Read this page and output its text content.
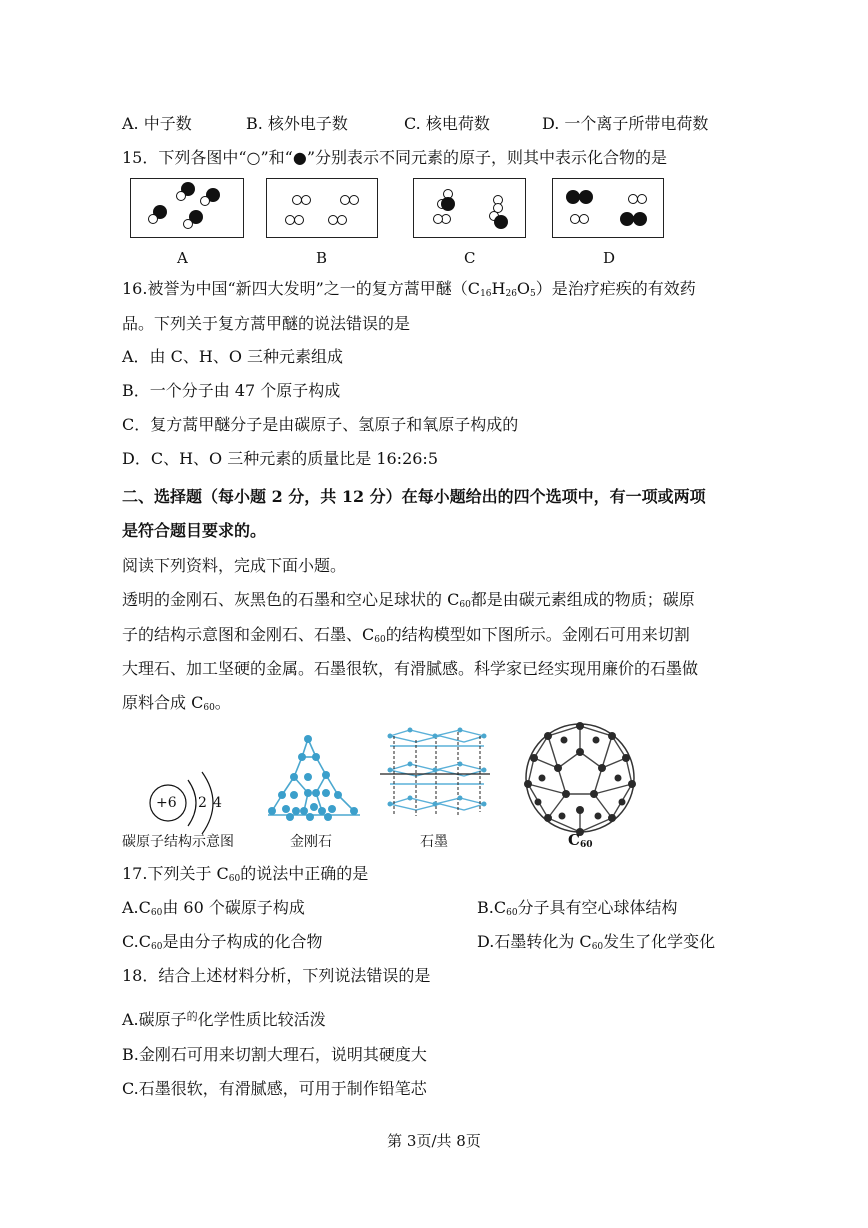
A. 中子数	B. 核外电子数	C. 核电荷数	D. 一个离子所带电荷数
15．下列各图中“○”和“●”分别表示不同元素的原子，则其中表示化合物的是
A	B	C	D
16.被誉为中国“新四大发明”之一的复方蒿甲醚$(C_{16}H_{26}O_5)$是治疗疟疾的有效药
品。下列关于复方蒿甲醚的说法错误的是
A．由 C、H、O 三种元素组成
B．一个分子由 47 个原子构成
C．复方蒿甲醚分子是由碳原子、氢原子和氧原子构成的
D．C、H、O 三种元素的质量比是 16:26:5
二、选择题（每小题 2 分，共 12 分）在每小题给出的四个选项中，有一项或两项
是符合题目要求的。
阅读下列资料，完成下面小题。
透明的金刚石、灰黑色的石墨和空心足球状的 $C_{60}$都是由碳元素组成的物质；碳原
子的结构示意图和金刚石、石墨、$C_{60}$的结构模型如下图所示。金刚石可用来切割
大理石、加工坚硬的金属。石墨很软，有滑腻感。科学家已经实现用廉价的石墨做
原料合成 $C_{60}$。
+6 2 4
碳原子结构示意图	金刚石	石墨	$C_{60}$
17.下列关于 $C_{60}$的说法中正确的是
$A.C_{60}$由 60 个碳原子构成	$B.C_{60}$分子具有空心球体结构
$C.C_{60}$是由分子构成的化合物	D.石墨转化为 $C_{60}$发生了化学变化
18．结合上述材料分析，下列说法错误的是
A.碳原子$^的$化学性质比较活泼
B.金刚石可用来切割大理石，说明其硬度大
C.石墨很软，有滑腻感，可用于制作铅笔芯
第 3页/共 8页
